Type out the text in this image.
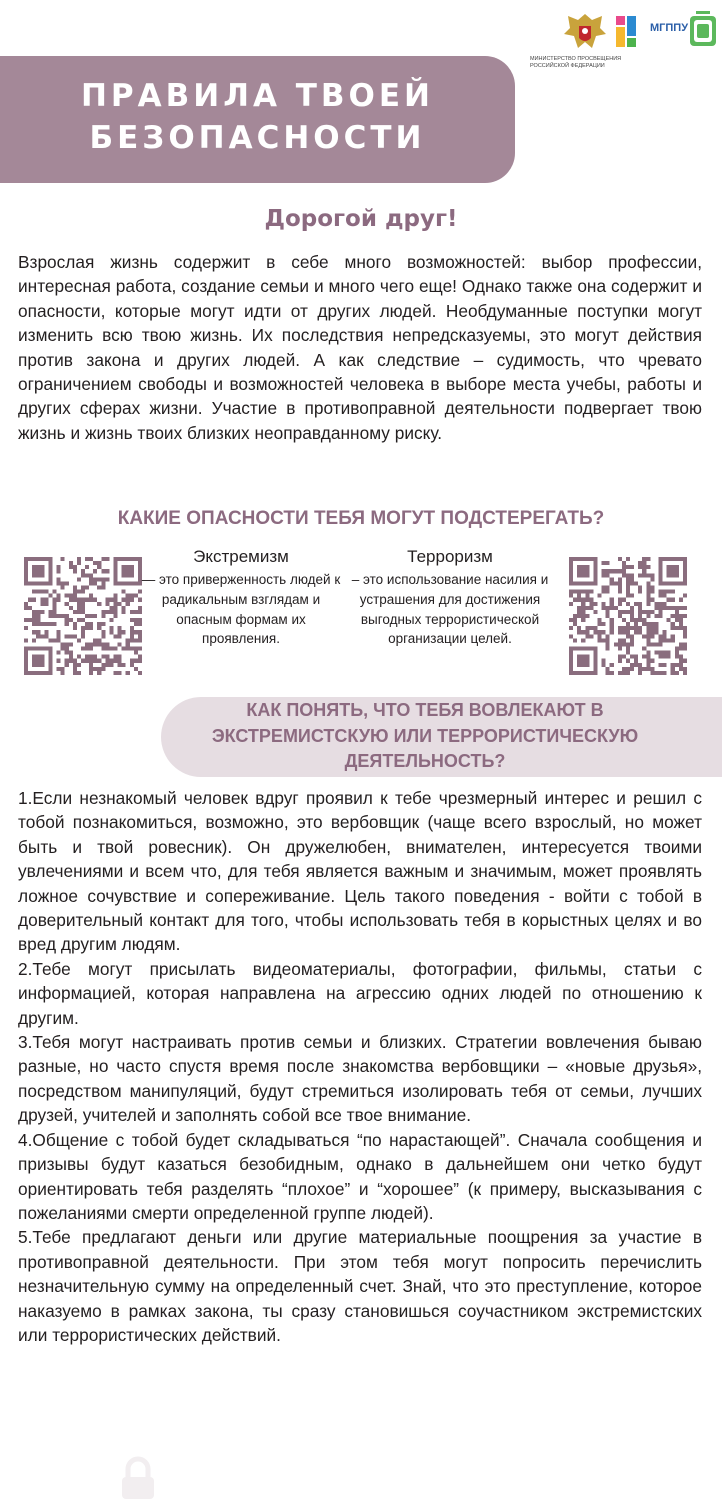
ПРАВИЛА ТВОЕЙ
БЕЗОПАСНОСТИ
МИНИСТЕРСТВО ПРОСВЕЩЕНИЯ РОССИЙСКОЙ ФЕДЕРАЦИИ
МГППУ
Дорогой друг!

Взрослая жизнь содержит в себе много возможностей: выбор профессии, интересная работа, создание семьи и много чего еще! Однако также она содержит и опасности, которые могут идти от других людей. Необдуманные поступки могут изменить всю твою жизнь. Их последствия непредсказуемы, это могут действия против закона и других людей. А как следствие – судимость, что чревато ограничением свободы и возможностей человека в выборе места учебы, работы и других сферах жизни. Участие в противоправной деятельности подвергает твою жизнь и жизнь твоих близких неоправданному риску.

КАКИЕ ОПАСНОСТИ ТЕБЯ МОГУТ ПОДСТЕРЕГАТЬ?
Экстремизм
— это приверженность людей к радикальным взглядам и опасным формам их проявления.
Терроризм
– это использование насилия и устрашения для достижения выгодных террористической организации целей.
КАК ПОНЯТЬ, ЧТО ТЕБЯ ВОВЛЕКАЮТ В ЭКСТРЕМИСТСКУЮ ИЛИ ТЕРРОРИСТИЧЕСКУЮ ДЕЯТЕЛЬНОСТЬ?

1.Если незнакомый человек вдруг проявил к тебе чрезмерный интерес и решил с тобой познакомиться, возможно, это вербовщик (чаще всего взрослый, но может быть и твой ровесник). Он дружелюбен, внимателен, интересуется твоими увлечениями и всем что, для тебя является важным и значимым, может проявлять ложное сочувствие и сопереживание. Цель такого поведения - войти с тобой в доверительный контакт для того, чтобы использовать тебя в корыстных целях и во вред другим людям.

2.Тебе могут присылать видеоматериалы, фотографии, фильмы, статьи с информацией, которая направлена на агрессию одних людей по отношению к другим.

3.Тебя могут настраивать против семьи и близких. Стратегии вовлечения бываю разные, но часто спустя время после знакомства вербовщики – «новые друзья», посредством манипуляций, будут стремиться изолировать тебя от семьи, лучших друзей, учителей и заполнять собой все твое внимание.

4.Общение с тобой будет складываться “по нарастающей”. Сначала сообщения и призывы будут казаться безобидным, однако в дальнейшем они четко будут ориентировать тебя разделять “плохое” и “хорошее” (к примеру, высказывания с пожеланиями смерти определенной группе людей).

5.Тебе предлагают деньги или другие материальные поощрения за участие в противоправной деятельности. При этом тебя могут попросить перечислить незначительную сумму на определенный счет. Знай, что это преступление, которое наказуемо в рамках закона, ты сразу становишься соучастником экстремистских или террористических действий.
